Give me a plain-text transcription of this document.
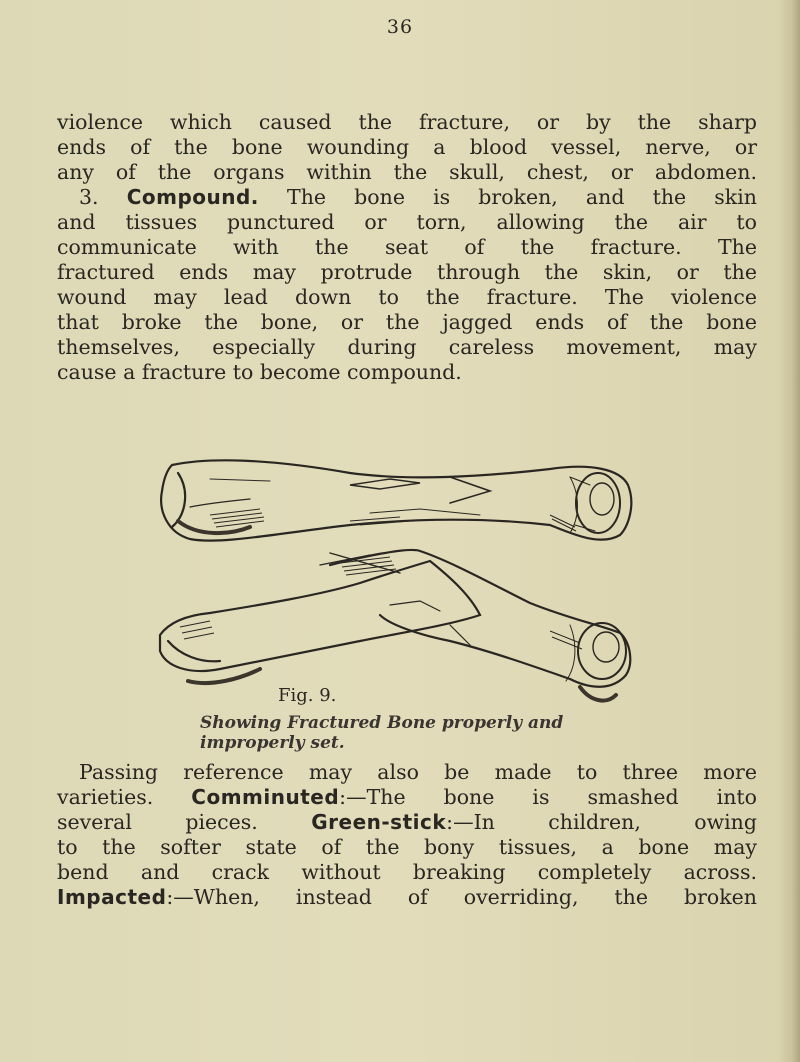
36

violence which caused the fracture, or by the sharp

ends of the bone wounding a blood vessel, nerve, or

any of the organs within the skull, chest, or abdomen.

3. Compound. The bone is broken, and the skin

and tissues punctured or torn, allowing the air to

communicate with the seat of the fracture. The

fractured ends may protrude through the skin, or the

wound may lead down to the fracture. The violence

that broke the bone, or the jagged ends of the bone

themselves, especially during careless movement, may

cause a fracture to become compound.

Fig. 9.
Showing Fractured Bone properly and improperly set.

Passing reference may also be made to three more

varieties. Comminuted:—The bone is smashed into

several pieces.	Green-stick:—In children, owing

to the softer state of the bony tissues, a bone may

bend and crack without breaking completely across.

Impacted:—When, instead of overriding, the broken
